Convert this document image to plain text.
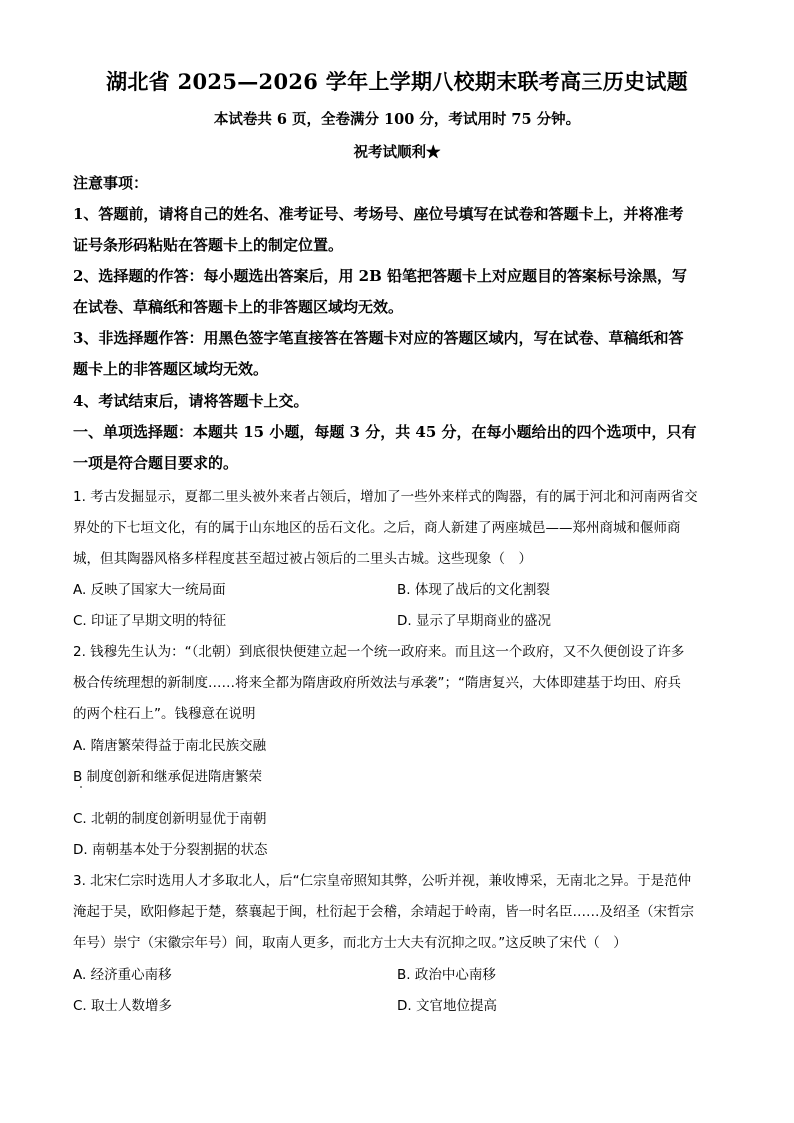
湖北省 2025—2026 学年上学期八校期末联考高三历史试题
本试卷共 6 页，全卷满分 100 分，考试用时 75 分钟。
祝考试顺利★
注意事项：
1、答题前，请将自己的姓名、准考证号、考场号、座位号填写在试卷和答题卡上，并将准考
证号条形码粘贴在答题卡上的制定位置。
2、选择题的作答：每小题选出答案后，用 2B 铅笔把答题卡上对应题目的答案标号涂黑，写
在试卷、草稿纸和答题卡上的非答题区域均无效。
3、非选择题作答：用黑色签字笔直接答在答题卡对应的答题区域内，写在试卷、草稿纸和答
题卡上的非答题区域均无效。
4、考试结束后，请将答题卡上交。
一、单项选择题：本题共 15 小题，每题 3 分，共 45 分，在每小题给出的四个选项中，只有
一项是符合题目要求的。
1. 考古发掘显示，夏都二里头被外来者占领后，增加了一些外来样式的陶器，有的属于河北和河南两省交
界处的下七垣文化，有的属于山东地区的岳石文化。之后，商人新建了两座城邑——郑州商城和偃师商
城，但其陶器风格多样程度甚至超过被占领后的二里头古城。这些现象（　）
A. 反映了国家大一统局面	B. 体现了战后的文化割裂
C. 印证了早期文明的特征	D. 显示了早期商业的盛况
2. 钱穆先生认为：“（北朝）到底很快便建立起一个统一政府来。而且这一个政府，又不久便创设了许多
极合传统理想的新制度……将来全都为隋唐政府所效法与承袭”；“隋唐复兴，大体即建基于均田、府兵
的两个柱石上”。钱穆意在说明
A. 隋唐繁荣得益于南北民族交融
B 制度创新和继承促进隋唐繁荣
C. 北朝的制度创新明显优于南朝
D. 南朝基本处于分裂割据的状态
3. 北宋仁宗时选用人才多取北人，后“仁宗皇帝照知其弊，公听并视，兼收博采，无南北之异。于是范仲
淹起于吴，欧阳修起于楚，蔡襄起于闽，杜衍起于会稽，余靖起于岭南，皆一时名臣……及绍圣（宋哲宗
年号）崇宁（宋徽宗年号）间，取南人更多，而北方士大夫有沉抑之叹。”这反映了宋代（　）
A. 经济重心南移	B. 政治中心南移
C. 取士人数增多	D. 文官地位提高
